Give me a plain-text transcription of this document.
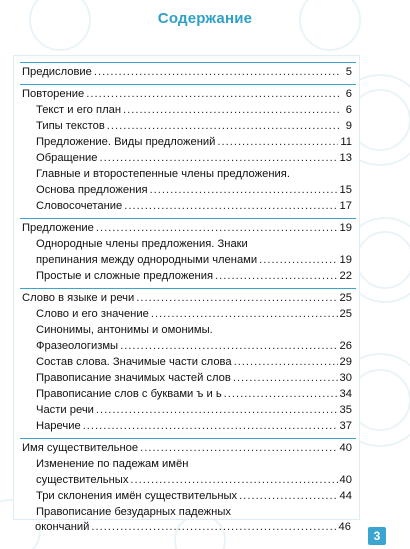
Содержание
Предисловие .....	5
Повторение .....	6
Текст и его план .....	6
Типы текстов .....	9
Предложение. Виды предложений .....	11
Обращение .....	13
Главные и второстепенные члены предложения.
Основа предложения .....	15
Словосочетание .....	17
Предложение .....	19
Однородные члены предложения. Знаки
препинания между однородными членами .....	19
Простые и сложные предложения .....	22
Слово в языке и речи .....	25
Слово и его значение .....	25
Синонимы, антонимы и омонимы.
Фразеологизмы .....	26
Состав слова. Значимые части слова .....	29
Правописание значимых частей слов .....	30
Правописание слов с буквами ъ и ь .....	34
Части речи .....	35
Наречие .....	37
Имя существительное .....	40
Изменение по падежам имён
существительных .....	40
Три склонения имён существительных .....	44
Правописание безударных падежных
окончаний .....	46
3
